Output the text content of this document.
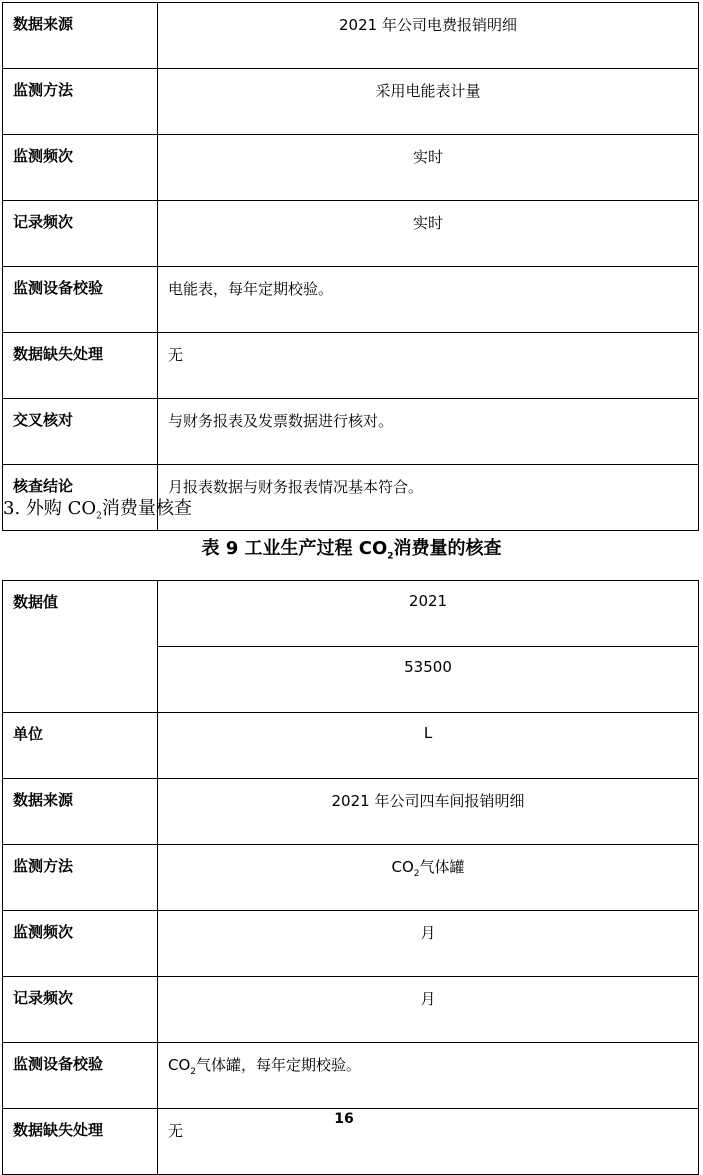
数据来源	2021 年公司电费报销明细
监测方法	采用电能表计量
监测频次	实时
记录频次	实时
监测设备校验	电能表，每年定期校验。
数据缺失处理	无
交叉核对	与财务报表及发票数据进行核对。
核查结论	月报表数据与财务报表情况基本符合。
3. 外购 $CO_2$消费量核查
表 9 工业生产过程 $CO_2$消费量的核查
数据值	2021
	53500
单位	L
数据来源	2021 年公司四车间报销明细
监测方法	$CO_2$气体罐
监测频次	月
记录频次	月
监测设备校验	$CO_2$气体罐，每年定期校验。
数据缺失处理	无
16
